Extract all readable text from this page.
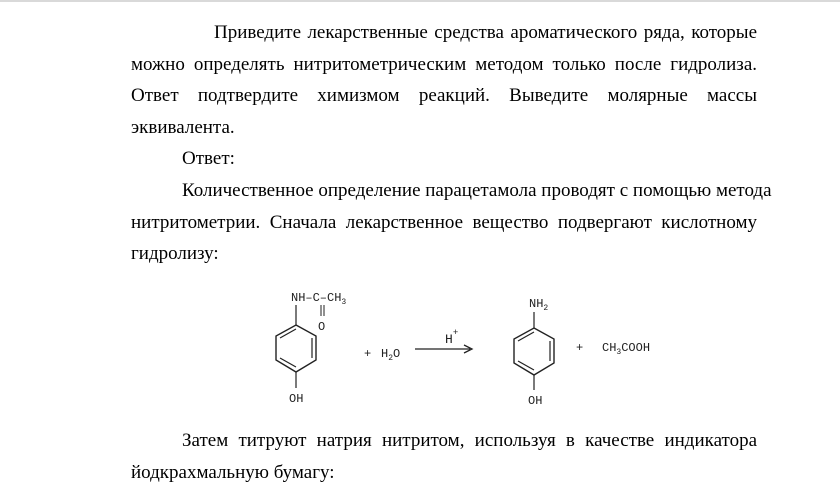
Приведите лекарственные средства ароматического ряда, которые
можно определять нитритометрическим методом только после гидролиза.
Ответ подтвердите химизмом реакций. Выведите молярные массы
эквивалента.
Ответ:
Количественное определение парацетамола проводят с помощью метода
нитритометрии. Сначала лекарственное вещество подвергают кислотному
гидролизу:
$NH-C-CH_3$
O
OH
+ $H_2O$
H+
$NH_2$
OH
+ $CH_3COOH$
Затем титруют натрия нитритом, используя в качестве индикатора
йодкрахмальную бумагу:
